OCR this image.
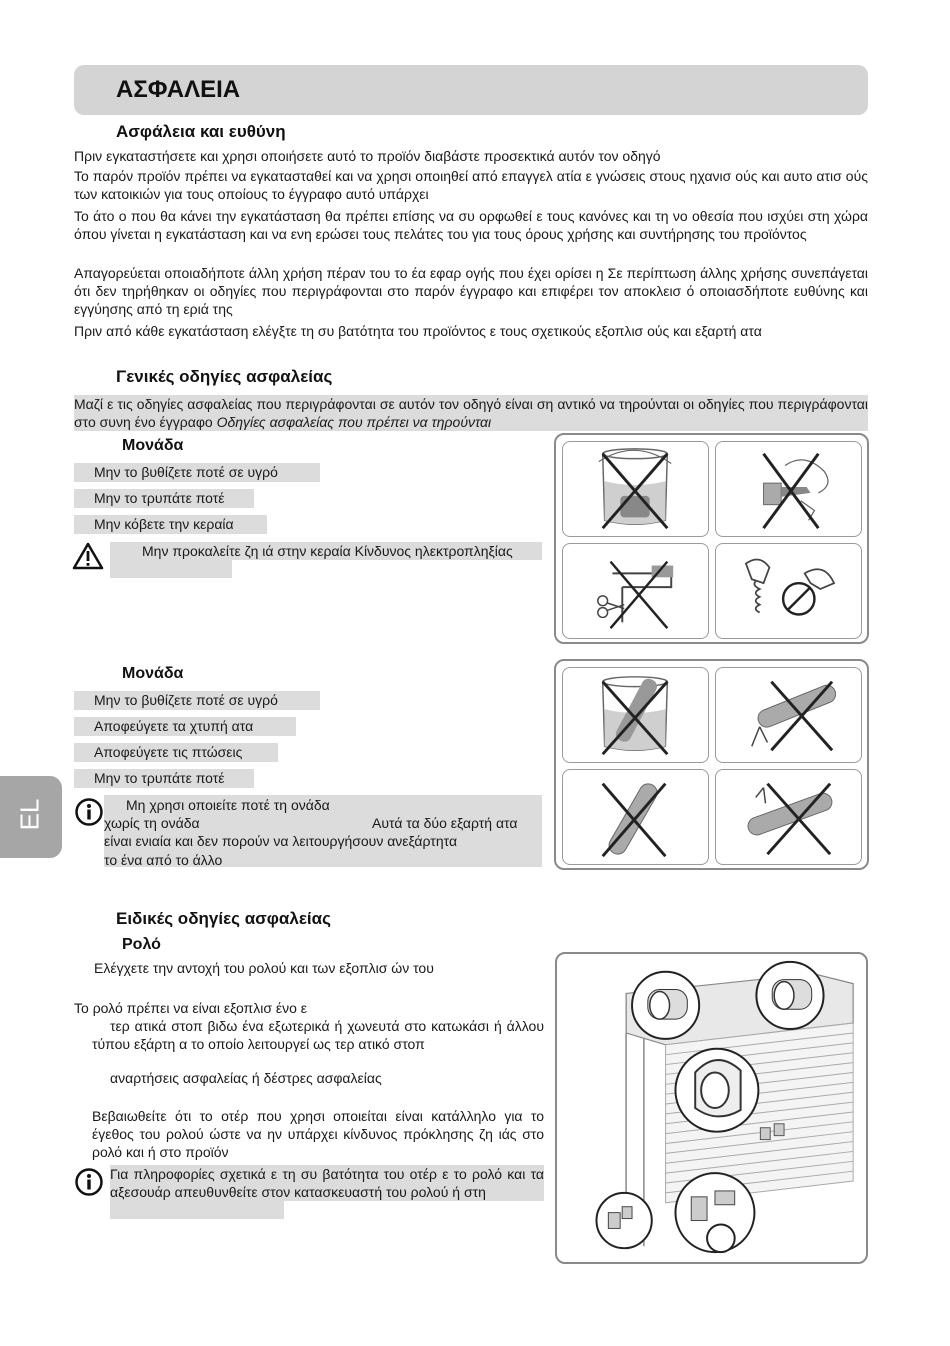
ΑΣΦΑΛΕΙΑ
EL
Ασφάλεια και ευθύνη
Πριν εγκαταστήσετε και χρησι οποιήσετε αυτό το προϊόν διαβάστε προσεκτικά αυτόν τον οδηγό
Το παρόν προϊόν πρέπει να εγκατασταθεί και να χρησι οποιηθεί από επαγγελ ατία ε γνώσεις στους ηχανισ ούς και αυτο ατισ ούς των κατοικιών για τους οποίους το έγγραφο αυτό υπάρχει
Το άτο ο που θα κάνει την εγκατάσταση θα πρέπει επίσης να συ ορφωθεί ε τους κανόνες και τη νο οθεσία που ισχύει στη χώρα όπου γίνεται η εγκατάσταση και να ενη ερώσει τους πελάτες του για τους όρους χρήσης και συντήρησης του προϊόντος
Απαγορεύεται οποιαδήποτε άλλη χρήση πέραν του το έα εφαρ ογής που έχει ορίσει η Σε περίπτωση άλλης χρήσης συνεπάγεται ότι δεν τηρήθηκαν οι οδηγίες που περιγράφονται στο παρόν έγγραφο και επιφέρει τον αποκλεισ ό οποιασδήποτε ευθύνης και εγγύησης από τη εριά της
Πριν από κάθε εγκατάσταση ελέγξτε τη συ βατότητα του προϊόντος ε τους σχετικούς εξοπλισ ούς και εξαρτή ατα
Γενικές οδηγίες ασφαλείας
Μαζί ε τις οδηγίες ασφαλείας που περιγράφονται σε αυτόν τον οδηγό είναι ση αντικό να τηρούνται οι οδηγίες που περιγράφονται στο συνη ένο έγγραφο Οδηγίες ασφαλείας που πρέπει να τηρούνται
Μονάδα
Μην το βυθίζετε ποτέ σε υγρό
Μην το τρυπάτε ποτέ
Μην κόβετε την κεραία
Μην προκαλείτε ζη ιά στην κεραία Κίνδυνος ηλεκτροπληξίας
Μονάδα
Μην το βυθίζετε ποτέ σε υγρό
Αποφεύγετε τα χτυπή ατα
Αποφεύγετε τις πτώσεις
Μην το τρυπάτε ποτέ
Μη χρησι οποιείτε ποτέ τη ονάδα
χωρίς τη ονάδα	Αυτά τα δύο εξαρτή ατα
είναι ενιαία και δεν πορούν να λειτουργήσουν ανεξάρτητα
το ένα από το άλλο
Ειδικές οδηγίες ασφαλείας
Ρολό
Ελέγχετε την αντοχή του ρολού και των εξοπλισ ών του
Το ρολό πρέπει να είναι εξοπλισ ένο ε
τερ ατικά στοπ βιδω ένα εξωτερικά ή χωνευτά στο κατωκάσι ή άλλου τύπου εξάρτη α το οποίο λειτουργεί ως τερ ατικό στοπ
αναρτήσεις ασφαλείας ή δέστρες ασφαλείας
Βεβαιωθείτε ότι το οτέρ που χρησι οποιείται είναι κατάλληλο για το έγεθος του ρολού ώστε να ην υπάρχει κίνδυνος πρόκλησης ζη ιάς στο ρολό και ή στο προϊόν
Για πληροφορίες σχετικά ε τη συ βατότητα του οτέρ ε το ρολό και τα αξεσουάρ απευθυνθείτε στον κατασκευαστή του ρολού ή στη
